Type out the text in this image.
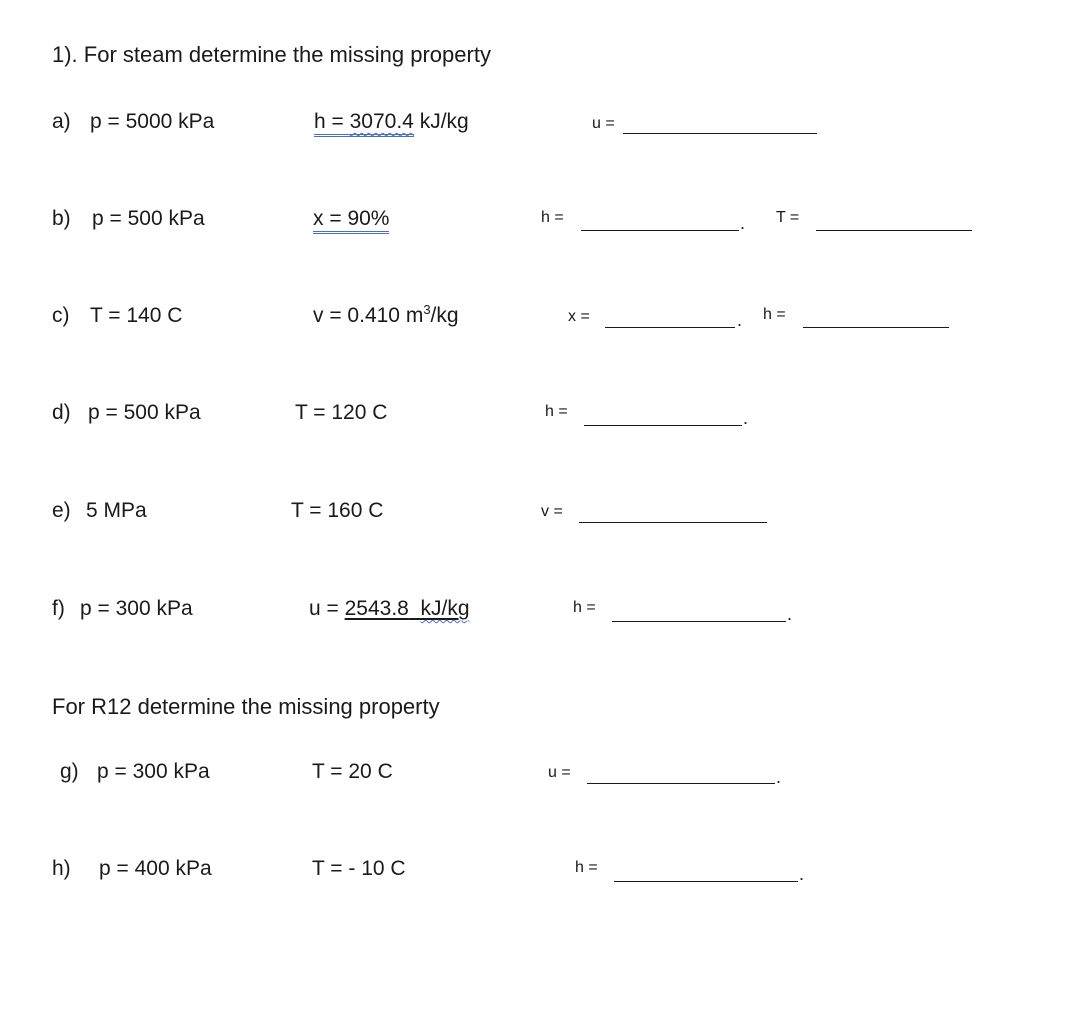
1). For steam determine the missing property
a) p = 5000 kPa	h = 3070.4 kJ/kg	u =
b) p = 500 kPa	x = 90%	h =	. T =
c) T = 140 C	v = 0.410 $m^3/kg$	x =	. h =
d) p = 500 kPa	T = 120 C	h =	.
e) 5 MPa	T = 160 C	v =
f) p = 300 kPa	u = 2543.8 kJ/kg	h =	.
For R12 determine the missing property
g) p = 300 kPa	T = 20 C	u =	.
h) p = 400 kPa	T = - 10 C	h =	.
